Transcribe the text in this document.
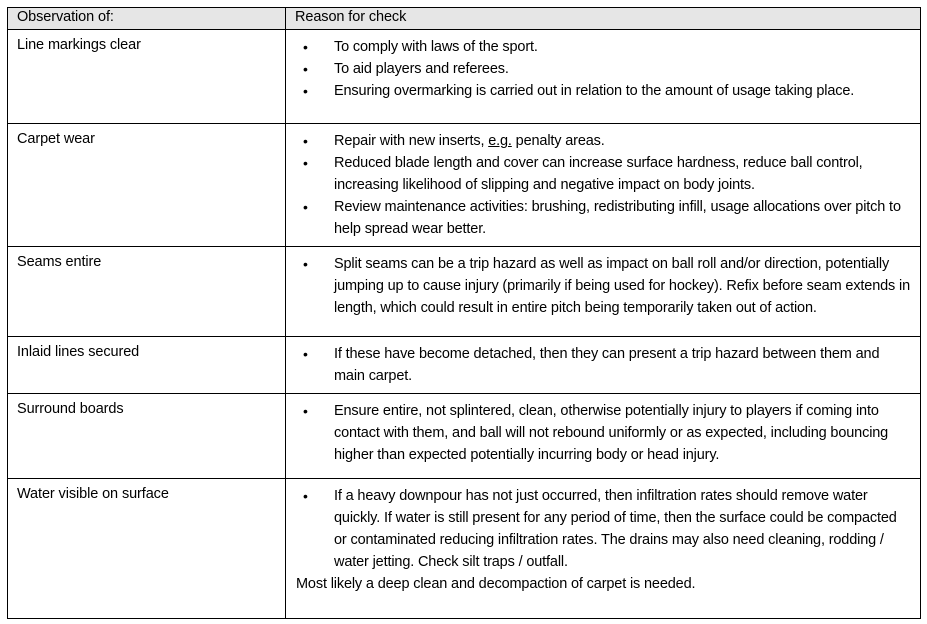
Observation of:	Reason for check

Line markings clear	• To comply with laws of the sport.
• To aid players and referees.
• Ensuring overmarking is carried out in relation to the amount of usage taking place.

Carpet wear	• Repair with new inserts, e.g. penalty areas.
• Reduced blade length and cover can increase surface hardness, reduce ball control, increasing likelihood of slipping and negative impact on body joints.
• Review maintenance activities: brushing, redistributing infill, usage allocations over pitch to help spread wear better.

Seams entire	• Split seams can be a trip hazard as well as impact on ball roll and/or direction, potentially jumping up to cause injury (primarily if being used for hockey). Refix before seam extends in length, which could result in entire pitch being temporarily taken out of action.

Inlaid lines secured	• If these have become detached, then they can present a trip hazard between them and main carpet.

Surround boards	• Ensure entire, not splintered, clean, otherwise potentially injury to players if coming into contact with them, and ball will not rebound uniformly or as expected, including bouncing higher than expected potentially incurring body or head injury.

Water visible on surface	• If a heavy downpour has not just occurred, then infiltration rates should remove water quickly. If water is still present for any period of time, then the surface could be compacted or contaminated reducing infiltration rates. The drains may also need cleaning, rodding / water jetting. Check silt traps / outfall.

Most likely a deep clean and decompaction of carpet is needed.
